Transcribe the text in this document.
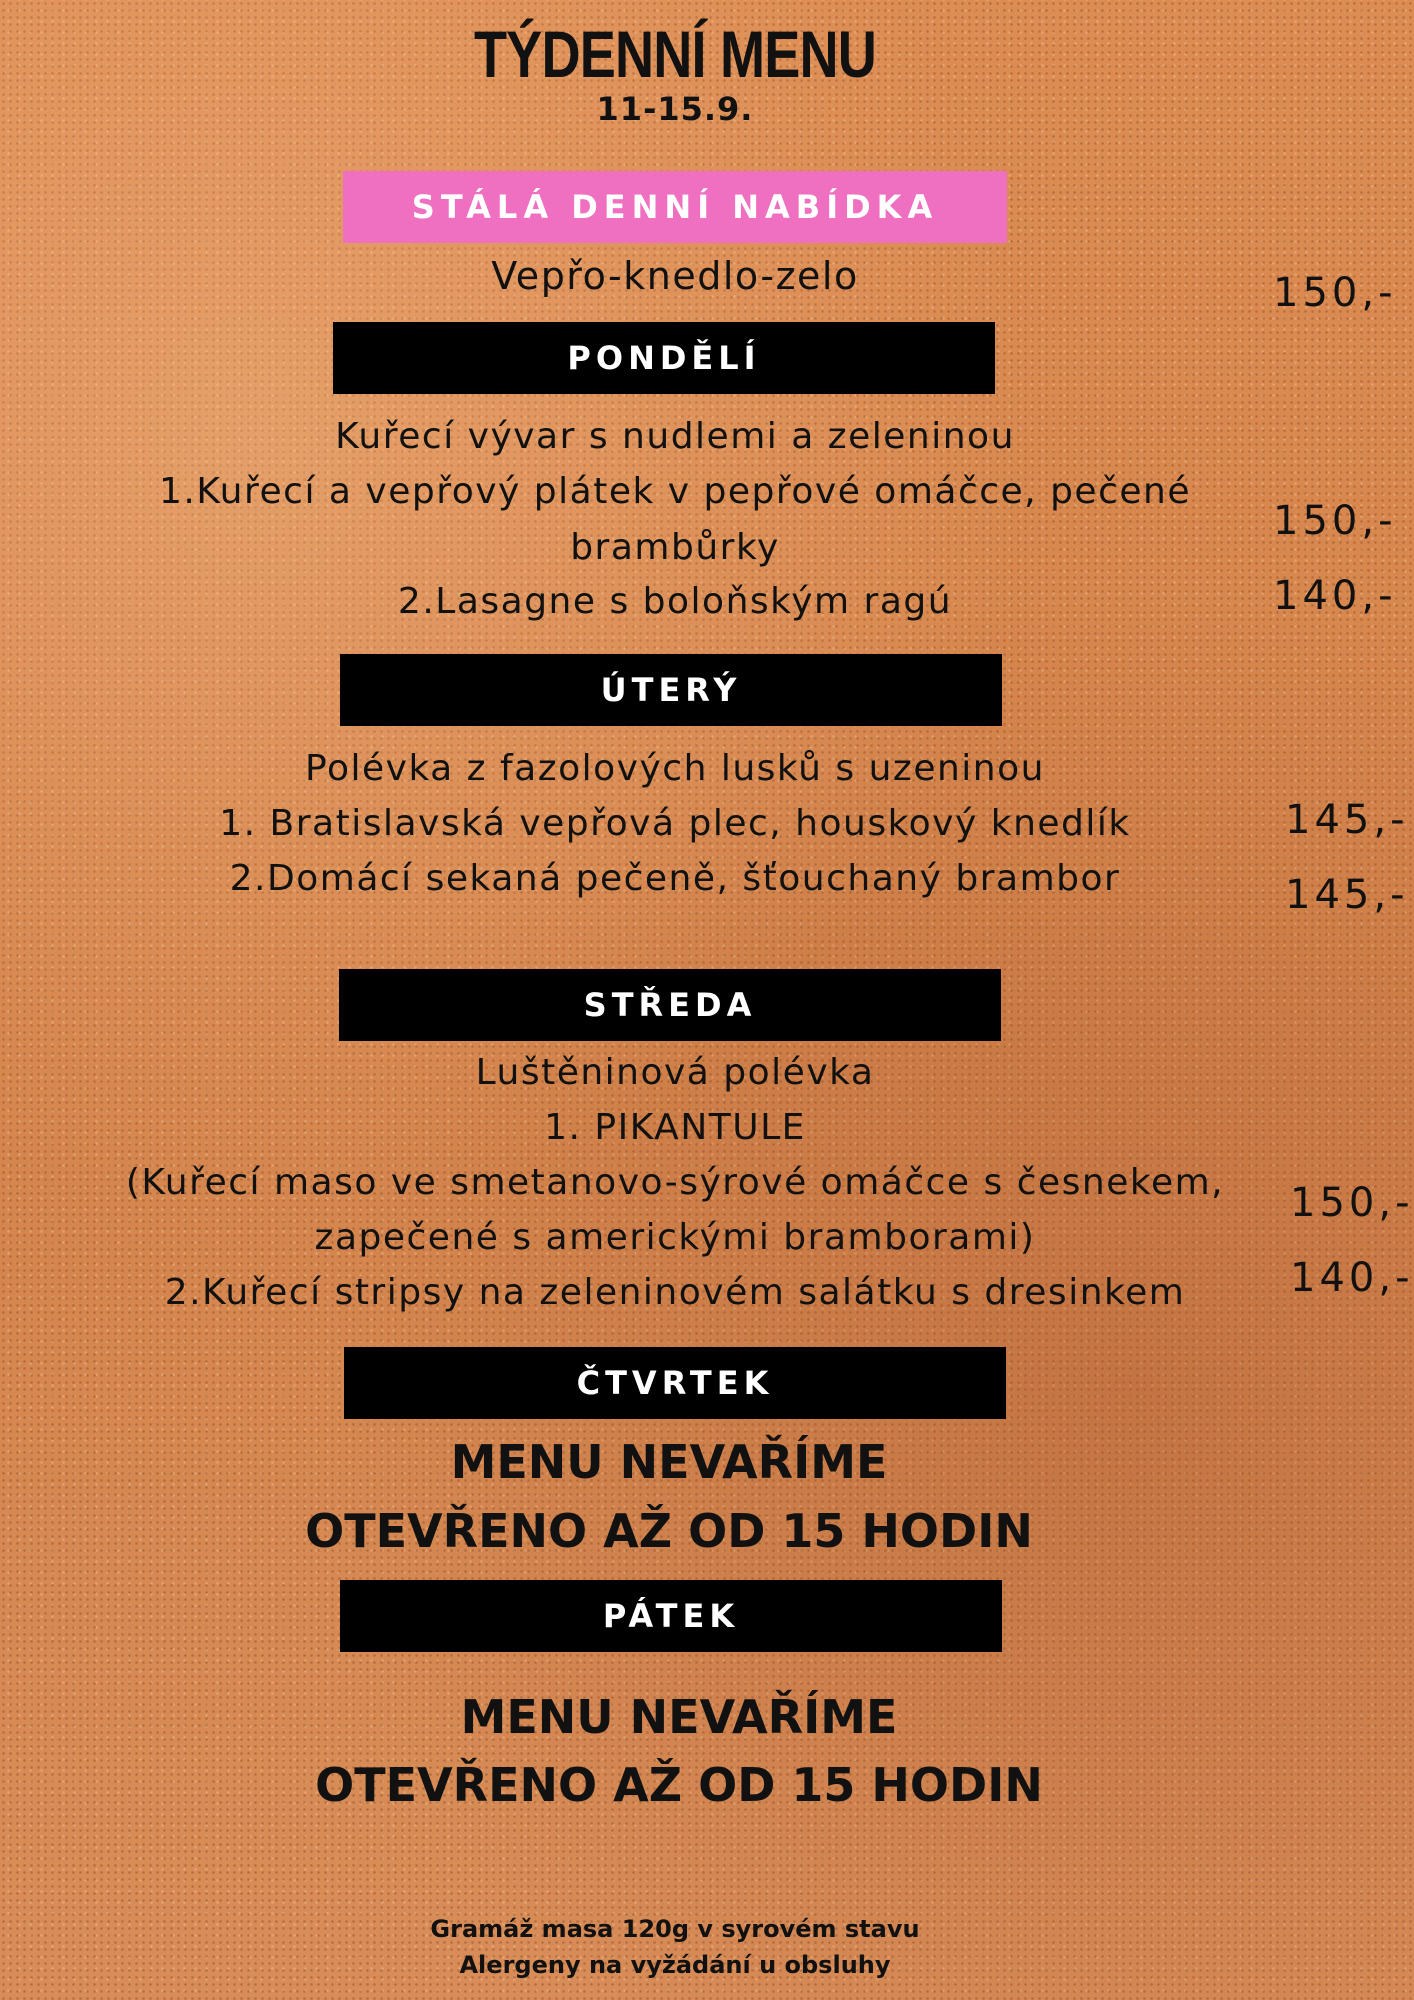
TÝDENNÍ MENU
11-15.9.
STÁLÁ DENNÍ NABÍDKA
Vepřo-knedlo-zelo	150,-
PONDĚLÍ
Kuřecí vývar s nudlemi a zeleninou
1.Kuřecí a vepřový plátek v pepřové omáčce, pečené
brambůrky
150,-
2.Lasagne s boloňským ragú	140,-
ÚTERÝ
Polévka z fazolových lusků s uzeninou
1. Bratislavská vepřová plec, houskový knedlík	145,-
2.Domácí sekaná pečeně, šťouchaný brambor	145,-
STŘEDA
Luštěninová polévka
1. PIKANTULE
(Kuřecí maso ve smetanovo-sýrové omáčce s česnekem,
zapečené s americkými bramborami)
150,-
2.Kuřecí stripsy na zeleninovém salátku s dresinkem	140,-
ČTVRTEK
MENU NEVAŘÍME
OTEVŘENO AŽ OD 15 HODIN
PÁTEK
MENU NEVAŘÍME
OTEVŘENO AŽ OD 15 HODIN
Gramáž masa 120g v syrovém stavu
Alergeny na vyžádání u obsluhy
